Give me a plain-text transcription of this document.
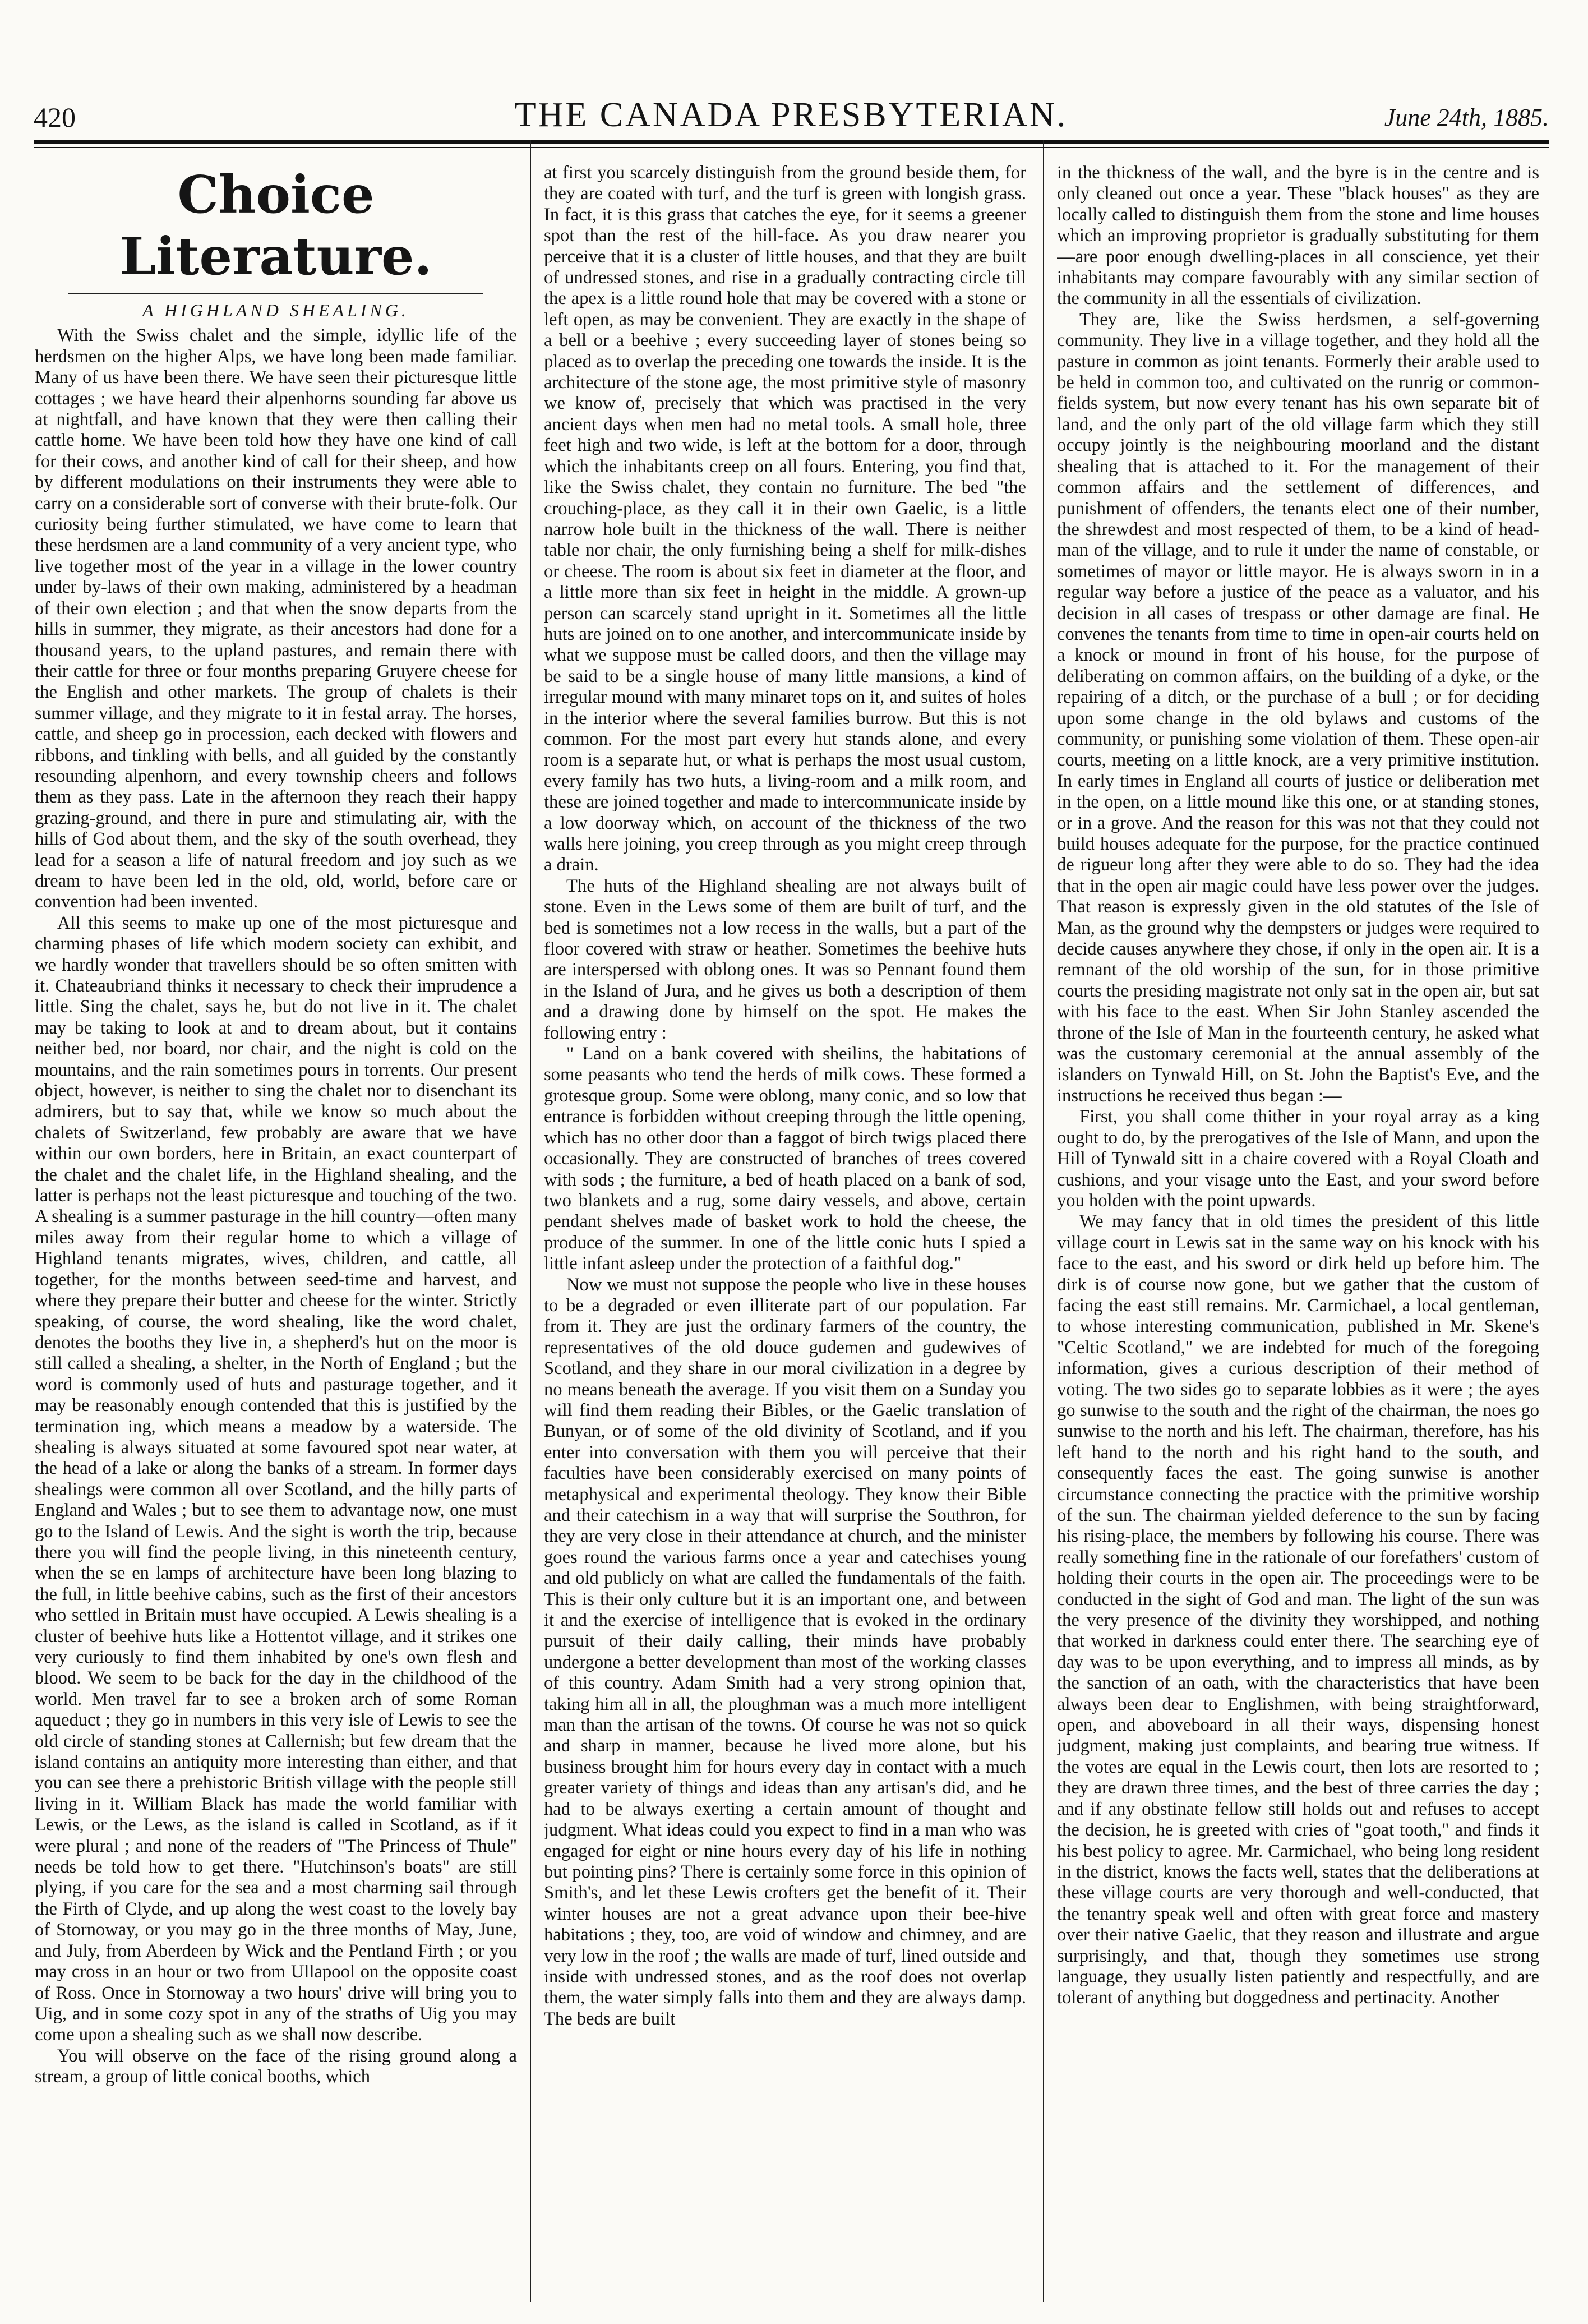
420	THE CANADA PRESBYTERIAN.	June 24th, 1885.
Choice Literature.
A HIGHLAND SHEALING.

With the Swiss chalet and the simple, idyllic life of the herdsmen on the higher Alps, we have long been made familiar. Many of us have been there. We have seen their picturesque little cottages ; we have heard their alpenhorns sounding far above us at nightfall, and have known that they were then calling their cattle home. We have been told how they have one kind of call for their cows, and another kind of call for their sheep, and how by different modulations on their instruments they were able to carry on a considerable sort of converse with their brute-folk. Our curiosity being further stimulated, we have come to learn that these herdsmen are a land community of a very ancient type, who live together most of the year in a village in the lower country under by-laws of their own making, administered by a headman of their own election ; and that when the snow departs from the hills in summer, they migrate, as their ancestors had done for a thousand years, to the upland pastures, and remain there with their cattle for three or four months preparing Gruyere cheese for the English and other markets. The group of chalets is their summer village, and they migrate to it in festal array. The horses, cattle, and sheep go in procession, each decked with flowers and ribbons, and tinkling with bells, and all guided by the constantly resounding alpenhorn, and every township cheers and follows them as they pass. Late in the afternoon they reach their happy grazing-ground, and there in pure and stimulating air, with the hills of God about them, and the sky of the south overhead, they lead for a season a life of natural freedom and joy such as we dream to have been led in the old, old, world, before care or convention had been invented.

All this seems to make up one of the most picturesque and charming phases of life which modern society can exhibit, and we hardly wonder that travellers should be so often smitten with it. Chateaubriand thinks it necessary to check their imprudence a little. Sing the chalet, says he, but do not live in it. The chalet may be taking to look at and to dream about, but it contains neither bed, nor board, nor chair, and the night is cold on the mountains, and the rain sometimes pours in torrents. Our present object, however, is neither to sing the chalet nor to disenchant its admirers, but to say that, while we know so much about the chalets of Switzerland, few probably are aware that we have within our own borders, here in Britain, an exact counterpart of the chalet and the chalet life, in the Highland shealing, and the latter is perhaps not the least picturesque and touching of the two. A shealing is a summer pasturage in the hill country—often many miles away from their regular home to which a village of Highland tenants migrates, wives, children, and cattle, all together, for the months between seed-time and harvest, and where they prepare their butter and cheese for the winter. Strictly speaking, of course, the word shealing, like the word chalet, denotes the booths they live in, a shepherd's hut on the moor is still called a shealing, a shelter, in the North of England ; but the word is commonly used of huts and pasturage together, and it may be reasonably enough contended that this is justified by the termination ing, which means a meadow by a waterside. The shealing is always situated at some favoured spot near water, at the head of a lake or along the banks of a stream. In former days shealings were common all over Scotland, and the hilly parts of England and Wales ; but to see them to advantage now, one must go to the Island of Lewis. And the sight is worth the trip, because there you will find the people living, in this nineteenth century, when the se en lamps of architecture have been long blazing to the full, in little beehive cabins, such as the first of their ancestors who settled in Britain must have occupied. A Lewis shealing is a cluster of beehive huts like a Hottentot village, and it strikes one very curiously to find them inhabited by one's own flesh and blood. We seem to be back for the day in the childhood of the world. Men travel far to see a broken arch of some Roman aqueduct ; they go in numbers in this very isle of Lewis to see the old circle of standing stones at Callernish; but few dream that the island contains an antiquity more interesting than either, and that you can see there a prehistoric British village with the people still living in it. William Black has made the world familiar with Lewis, or the Lews, as the island is called in Scotland, as if it were plural ; and none of the readers of "The Princess of Thule" needs be told how to get there. "Hutchinson's boats" are still plying, if you care for the sea and a most charming sail through the Firth of Clyde, and up along the west coast to the lovely bay of Stornoway, or you may go in the three months of May, June, and July, from Aberdeen by Wick and the Pentland Firth ; or you may cross in an hour or two from Ullapool on the opposite coast of Ross. Once in Stornoway a two hours' drive will bring you to Uig, and in some cozy spot in any of the straths of Uig you may come upon a shealing such as we shall now describe.

You will observe on the face of the rising ground along a stream, a group of little conical booths, which

at first you scarcely distinguish from the ground beside them, for they are coated with turf, and the turf is green with longish grass. In fact, it is this grass that catches the eye, for it seems a greener spot than the rest of the hill-face. As you draw nearer you perceive that it is a cluster of little houses, and that they are built of undressed stones, and rise in a gradually contracting circle till the apex is a little round hole that may be covered with a stone or left open, as may be convenient. They are exactly in the shape of a bell or a beehive ; every succeeding layer of stones being so placed as to overlap the preceding one towards the inside. It is the architecture of the stone age, the most primitive style of masonry we know of, precisely that which was practised in the very ancient days when men had no metal tools. A small hole, three feet high and two wide, is left at the bottom for a door, through which the inhabitants creep on all fours. Entering, you find that, like the Swiss chalet, they contain no furniture. The bed "the crouching-place, as they call it in their own Gaelic, is a little narrow hole built in the thickness of the wall. There is neither table nor chair, the only furnishing being a shelf for milk-dishes or cheese. The room is about six feet in diameter at the floor, and a little more than six feet in height in the middle. A grown-up person can scarcely stand upright in it. Sometimes all the little huts are joined on to one another, and intercommunicate inside by what we suppose must be called doors, and then the village may be said to be a single house of many little mansions, a kind of irregular mound with many minaret tops on it, and suites of holes in the interior where the several families burrow. But this is not common. For the most part every hut stands alone, and every room is a separate hut, or what is perhaps the most usual custom, every family has two huts, a living-room and a milk room, and these are joined together and made to intercommunicate inside by a low doorway which, on account of the thickness of the two walls here joining, you creep through as you might creep through a drain.

The huts of the Highland shealing are not always built of stone. Even in the Lews some of them are built of turf, and the bed is sometimes not a low recess in the walls, but a part of the floor covered with straw or heather. Sometimes the beehive huts are interspersed with oblong ones. It was so Pennant found them in the Island of Jura, and he gives us both a description of them and a drawing done by himself on the spot. He makes the following entry :

" Land on a bank covered with sheilins, the habitations of some peasants who tend the herds of milk cows. These formed a grotesque group. Some were oblong, many conic, and so low that entrance is forbidden without creeping through the little opening, which has no other door than a faggot of birch twigs placed there occasionally. They are constructed of branches of trees covered with sods ; the furniture, a bed of heath placed on a bank of sod, two blankets and a rug, some dairy vessels, and above, certain pendant shelves made of basket work to hold the cheese, the produce of the summer. In one of the little conic huts I spied a little infant asleep under the protection of a faithful dog."

Now we must not suppose the people who live in these houses to be a degraded or even illiterate part of our population. Far from it. They are just the ordinary farmers of the country, the representatives of the old douce gudemen and gudewives of Scotland, and they share in our moral civilization in a degree by no means beneath the average. If you visit them on a Sunday you will find them reading their Bibles, or the Gaelic translation of Bunyan, or of some of the old divinity of Scotland, and if you enter into conversation with them you will perceive that their faculties have been considerably exercised on many points of metaphysical and experimental theology. They know their Bible and their catechism in a way that will surprise the Southron, for they are very close in their attendance at church, and the minister goes round the various farms once a year and catechises young and old publicly on what are called the fundamentals of the faith. This is their only culture but it is an important one, and between it and the exercise of intelligence that is evoked in the ordinary pursuit of their daily calling, their minds have probably undergone a better development than most of the working classes of this country. Adam Smith had a very strong opinion that, taking him all in all, the ploughman was a much more intelligent man than the artisan of the towns. Of course he was not so quick and sharp in manner, because he lived more alone, but his business brought him for hours every day in contact with a much greater variety of things and ideas than any artisan's did, and he had to be always exerting a certain amount of thought and judgment. What ideas could you expect to find in a man who was engaged for eight or nine hours every day of his life in nothing but pointing pins? There is certainly some force in this opinion of Smith's, and let these Lewis crofters get the benefit of it. Their winter houses are not a great advance upon their bee-hive habitations ; they, too, are void of window and chimney, and are very low in the roof ; the walls are made of turf, lined outside and inside with undressed stones, and as the roof does not overlap them, the water simply falls into them and they are always damp. The beds are built

in the thickness of the wall, and the byre is in the centre and is only cleaned out once a year. These "black houses" as they are locally called to distinguish them from the stone and lime houses which an improving proprietor is gradually substituting for them—are poor enough dwelling-places in all conscience, yet their inhabitants may compare favourably with any similar section of the community in all the essentials of civilization.

They are, like the Swiss herdsmen, a self-governing community. They live in a village together, and they hold all the pasture in common as joint tenants. Formerly their arable used to be held in common too, and cultivated on the runrig or common-fields system, but now every tenant has his own separate bit of land, and the only part of the old village farm which they still occupy jointly is the neighbouring moorland and the distant shealing that is attached to it. For the management of their common affairs and the settlement of differences, and punishment of offenders, the tenants elect one of their number, the shrewdest and most respected of them, to be a kind of head-man of the village, and to rule it under the name of constable, or sometimes of mayor or little mayor. He is always sworn in in a regular way before a justice of the peace as a valuator, and his decision in all cases of trespass or other damage are final. He convenes the tenants from time to time in open-air courts held on a knock or mound in front of his house, for the purpose of deliberating on common affairs, on the building of a dyke, or the repairing of a ditch, or the purchase of a bull ; or for deciding upon some change in the old bylaws and customs of the community, or punishing some violation of them. These open-air courts, meeting on a little knock, are a very primitive institution. In early times in England all courts of justice or deliberation met in the open, on a little mound like this one, or at standing stones, or in a grove. And the reason for this was not that they could not build houses adequate for the purpose, for the practice continued de rigueur long after they were able to do so. They had the idea that in the open air magic could have less power over the judges. That reason is expressly given in the old statutes of the Isle of Man, as the ground why the dempsters or judges were required to decide causes anywhere they chose, if only in the open air. It is a remnant of the old worship of the sun, for in those primitive courts the presiding magistrate not only sat in the open air, but sat with his face to the east. When Sir John Stanley ascended the throne of the Isle of Man in the fourteenth century, he asked what was the customary ceremonial at the annual assembly of the islanders on Tynwald Hill, on St. John the Baptist's Eve, and the instructions he received thus began :—

First, you shall come thither in your royal array as a king ought to do, by the prerogatives of the Isle of Mann, and upon the Hill of Tynwald sitt in a chaire covered with a Royal Cloath and cushions, and your visage unto the East, and your sword before you holden with the point upwards.

We may fancy that in old times the president of this little village court in Lewis sat in the same way on his knock with his face to the east, and his sword or dirk held up before him. The dirk is of course now gone, but we gather that the custom of facing the east still remains. Mr. Carmichael, a local gentleman, to whose interesting communication, published in Mr. Skene's "Celtic Scotland," we are indebted for much of the foregoing information, gives a curious description of their method of voting. The two sides go to separate lobbies as it were ; the ayes go sunwise to the south and the right of the chairman, the noes go sunwise to the north and his left. The chairman, therefore, has his left hand to the north and his right hand to the south, and consequently faces the east. The going sunwise is another circumstance connecting the practice with the primitive worship of the sun. The chairman yielded deference to the sun by facing his rising-place, the members by following his course. There was really something fine in the rationale of our forefathers' custom of holding their courts in the open air. The proceedings were to be conducted in the sight of God and man. The light of the sun was the very presence of the divinity they worshipped, and nothing that worked in darkness could enter there. The searching eye of day was to be upon everything, and to impress all minds, as by the sanction of an oath, with the characteristics that have been always been dear to Englishmen, with being straightforward, open, and aboveboard in all their ways, dispensing honest judgment, making just complaints, and bearing true witness. If the votes are equal in the Lewis court, then lots are resorted to ; they are drawn three times, and the best of three carries the day ; and if any obstinate fellow still holds out and refuses to accept the decision, he is greeted with cries of "goat tooth," and finds it his best policy to agree. Mr. Carmichael, who being long resident in the district, knows the facts well, states that the deliberations at these village courts are very thorough and well-conducted, that the tenantry speak well and often with great force and mastery over their native Gaelic, that they reason and illustrate and argue surprisingly, and that, though they sometimes use strong language, they usually listen patiently and respectfully, and are tolerant of anything but doggedness and pertinacity. Another
